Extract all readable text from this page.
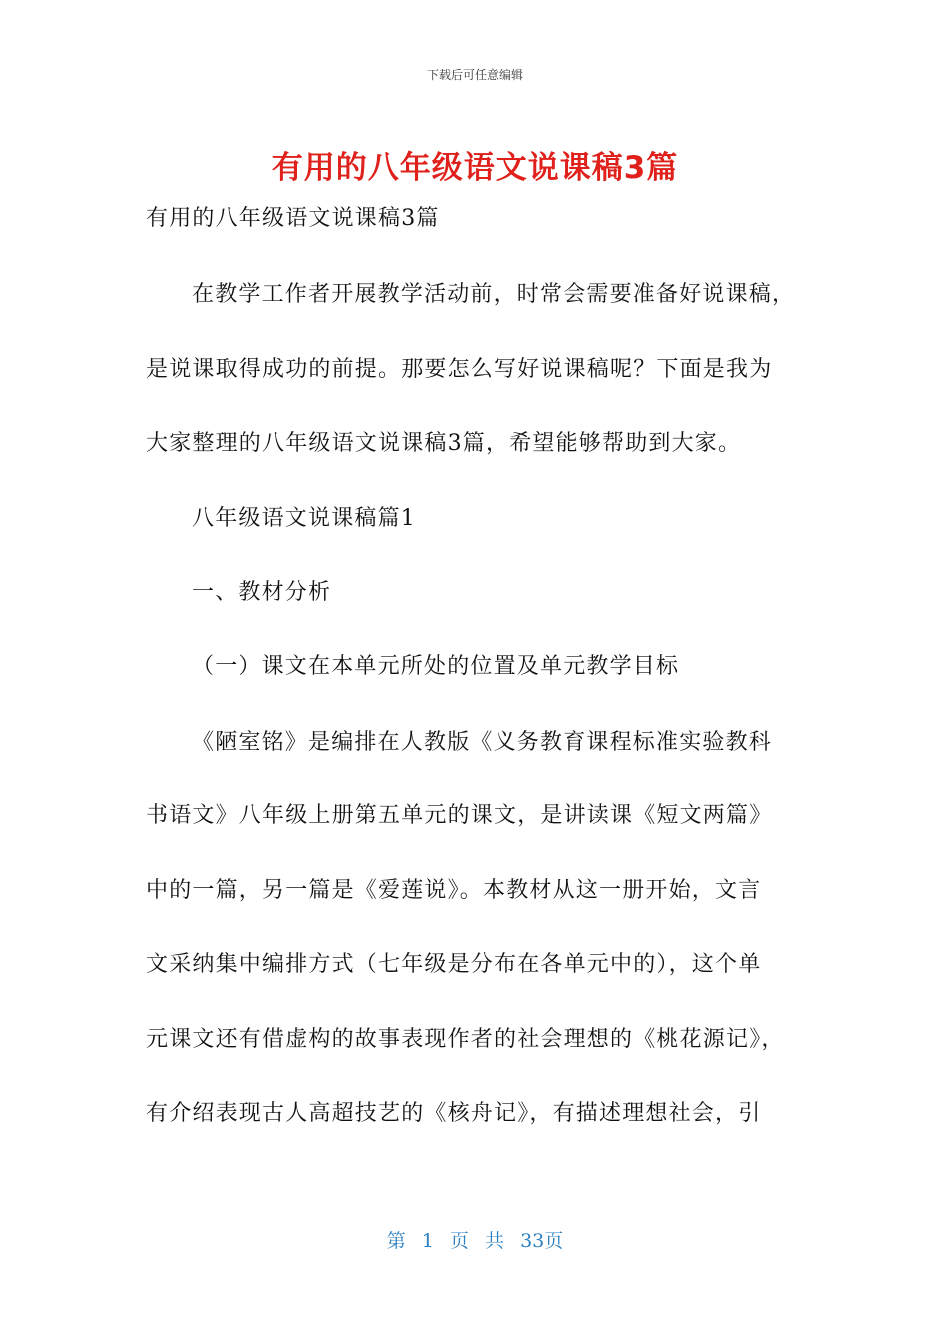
下载后可任意编辑
有用的八年级语文说课稿3篇
有用的八年级语文说课稿3篇
在教学工作者开展教学活动前，时常会需要准备好说课稿，
是说课取得成功的前提。那要怎么写好说课稿呢？下面是我为
大家整理的八年级语文说课稿3篇，希望能够帮助到大家。
八年级语文说课稿篇1
一、教材分析
（一）课文在本单元所处的位置及单元教学目标
《陋室铭》是编排在人教版《义务教育课程标准实验教科
书语文》八年级上册第五单元的课文，是讲读课《短文两篇》
中的一篇，另一篇是《爱莲说》。本教材从这一册开始，文言
文采纳集中编排方式（七年级是分布在各单元中的），这个单
元课文还有借虚构的故事表现作者的社会理想的《桃花源记》，
有介绍表现古人高超技艺的《核舟记》，有描述理想社会，引
第 1 页 共 33页
